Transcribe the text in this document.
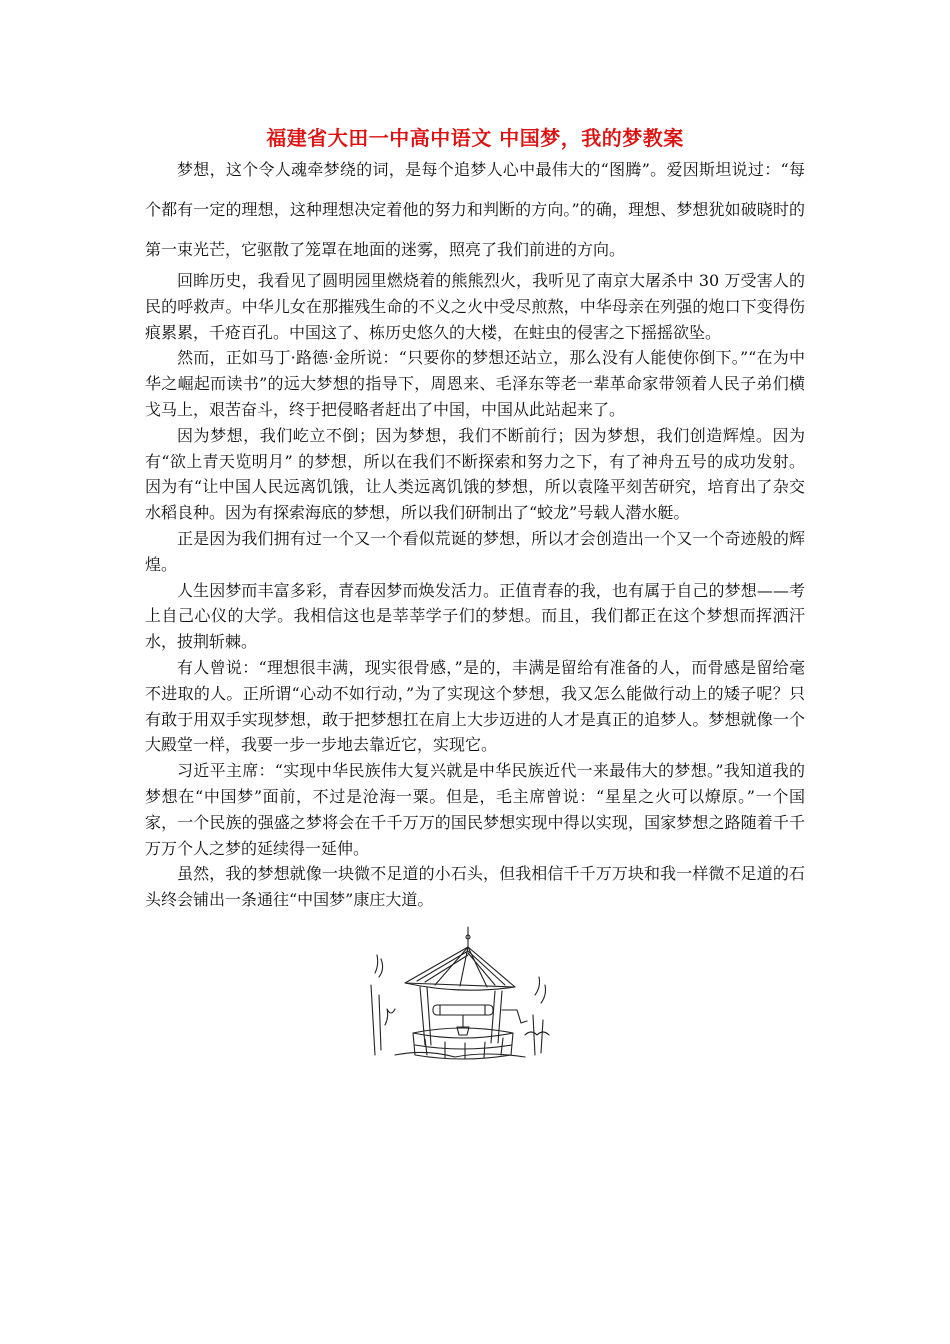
福建省大田一中高中语文 中国梦，我的梦教案
梦想，这个令人魂牵梦绕的词，是每个追梦人心中最伟大的“图腾”。爱因斯坦说过：“每个都有一定的理想，这种理想决定着他的努力和判断的方向。”的确，理想、梦想犹如破晓时的第一束光芒，它驱散了笼罩在地面的迷雾，照亮了我们前进的方向。

回眸历史，我看见了圆明园里燃烧着的熊熊烈火，我听见了南京大屠杀中 30 万受害人的民的呼救声。中华儿女在那摧残生命的不义之火中受尽煎熬，中华母亲在列强的炮口下变得伤痕累累，千疮百孔。中国这了、栋历史悠久的大楼，在蛀虫的侵害之下摇摇欲坠。

然而，正如马丁·路德·金所说：“只要你的梦想还站立，那么没有人能使你倒下。”“在为中华之崛起而读书”的远大梦想的指导下，周恩来、毛泽东等老一辈革命家带领着人民子弟们横戈马上，艰苦奋斗，终于把侵略者赶出了中国，中国从此站起来了。

因为梦想，我们屹立不倒；因为梦想，我们不断前行；因为梦想，我们创造辉煌。因为有“欲上青天览明月” 的梦想，所以在我们不断探索和努力之下，有了神舟五号的成功发射。因为有“让中国人民远离饥饿，让人类远离饥饿的梦想，所以袁隆平刻苦研究，培育出了杂交水稻良种。因为有探索海底的梦想，所以我们研制出了“蛟龙”号载人潜水艇。

正是因为我们拥有过一个又一个看似荒诞的梦想，所以才会创造出一个又一个奇迹般的辉煌。

人生因梦而丰富多彩，青春因梦而焕发活力。正值青春的我，也有属于自己的梦想——考上自己心仪的大学。我相信这也是莘莘学子们的梦想。而且，我们都正在这个梦想而挥洒汗水，披荆斩棘。

有人曾说：“理想很丰满，现实很骨感，”是的，丰满是留给有准备的人，而骨感是留给毫不进取的人。正所谓“心动不如行动，”为了实现这个梦想，我又怎么能做行动上的矮子呢？只有敢于用双手实现梦想，敢于把梦想扛在肩上大步迈进的人才是真正的追梦人。梦想就像一个大殿堂一样，我要一步一步地去靠近它，实现它。

习近平主席：“实现中华民族伟大复兴就是中华民族近代一来最伟大的梦想。”我知道我的梦想在“中国梦”面前，不过是沧海一粟。但是，毛主席曾说：“星星之火可以燎原。”一个国家，一个民族的强盛之梦将会在千千万万的国民梦想实现中得以实现，国家梦想之路随着千千万万个人之梦的延续得一延伸。

虽然，我的梦想就像一块微不足道的小石头，但我相信千千万万块和我一样微不足道的石头终会铺出一条通往“中国梦”康庄大道。
